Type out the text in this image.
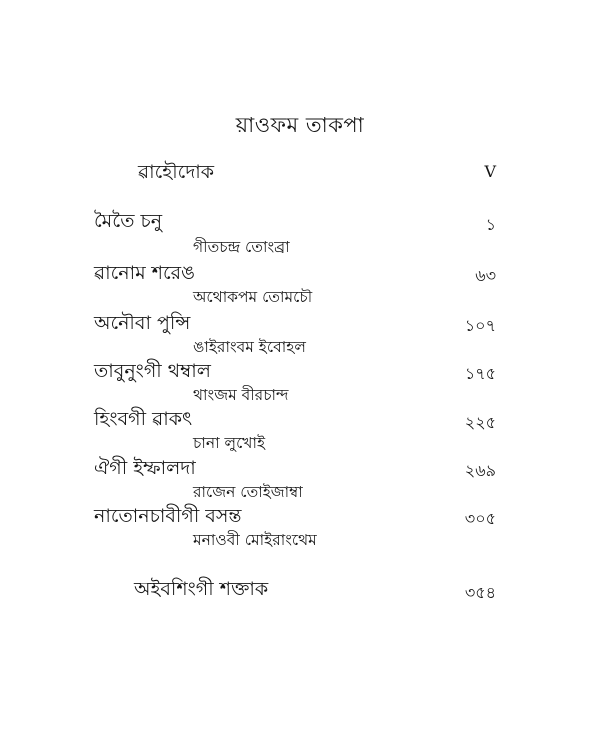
য়াওফম তাকপা
ৱাহৌদোক	V
মৈতৈ চনু	১
গীতচন্দ্র তোংব্রা
ৱানোম শরেঙ	৬৩
অথোকপম তোমচৌ
অনৌবা পুন্সি	১০৭
ঙাইরাংবম ইবোহল
তাবুনুংগী থম্বাল	১৭৫
থাংজম বীরচান্দ
হিংবগী ৱাকৎ	২২৫
চানা লুখোই
ঐগী ইম্ফালদা	২৬৯
রাজেন তোইজাম্বা
নাতোনচাবীগী বসন্ত	৩০৫
মনাওবী মোইরাংথেম
অইবশিংগী শক্তাক	৩৫৪
